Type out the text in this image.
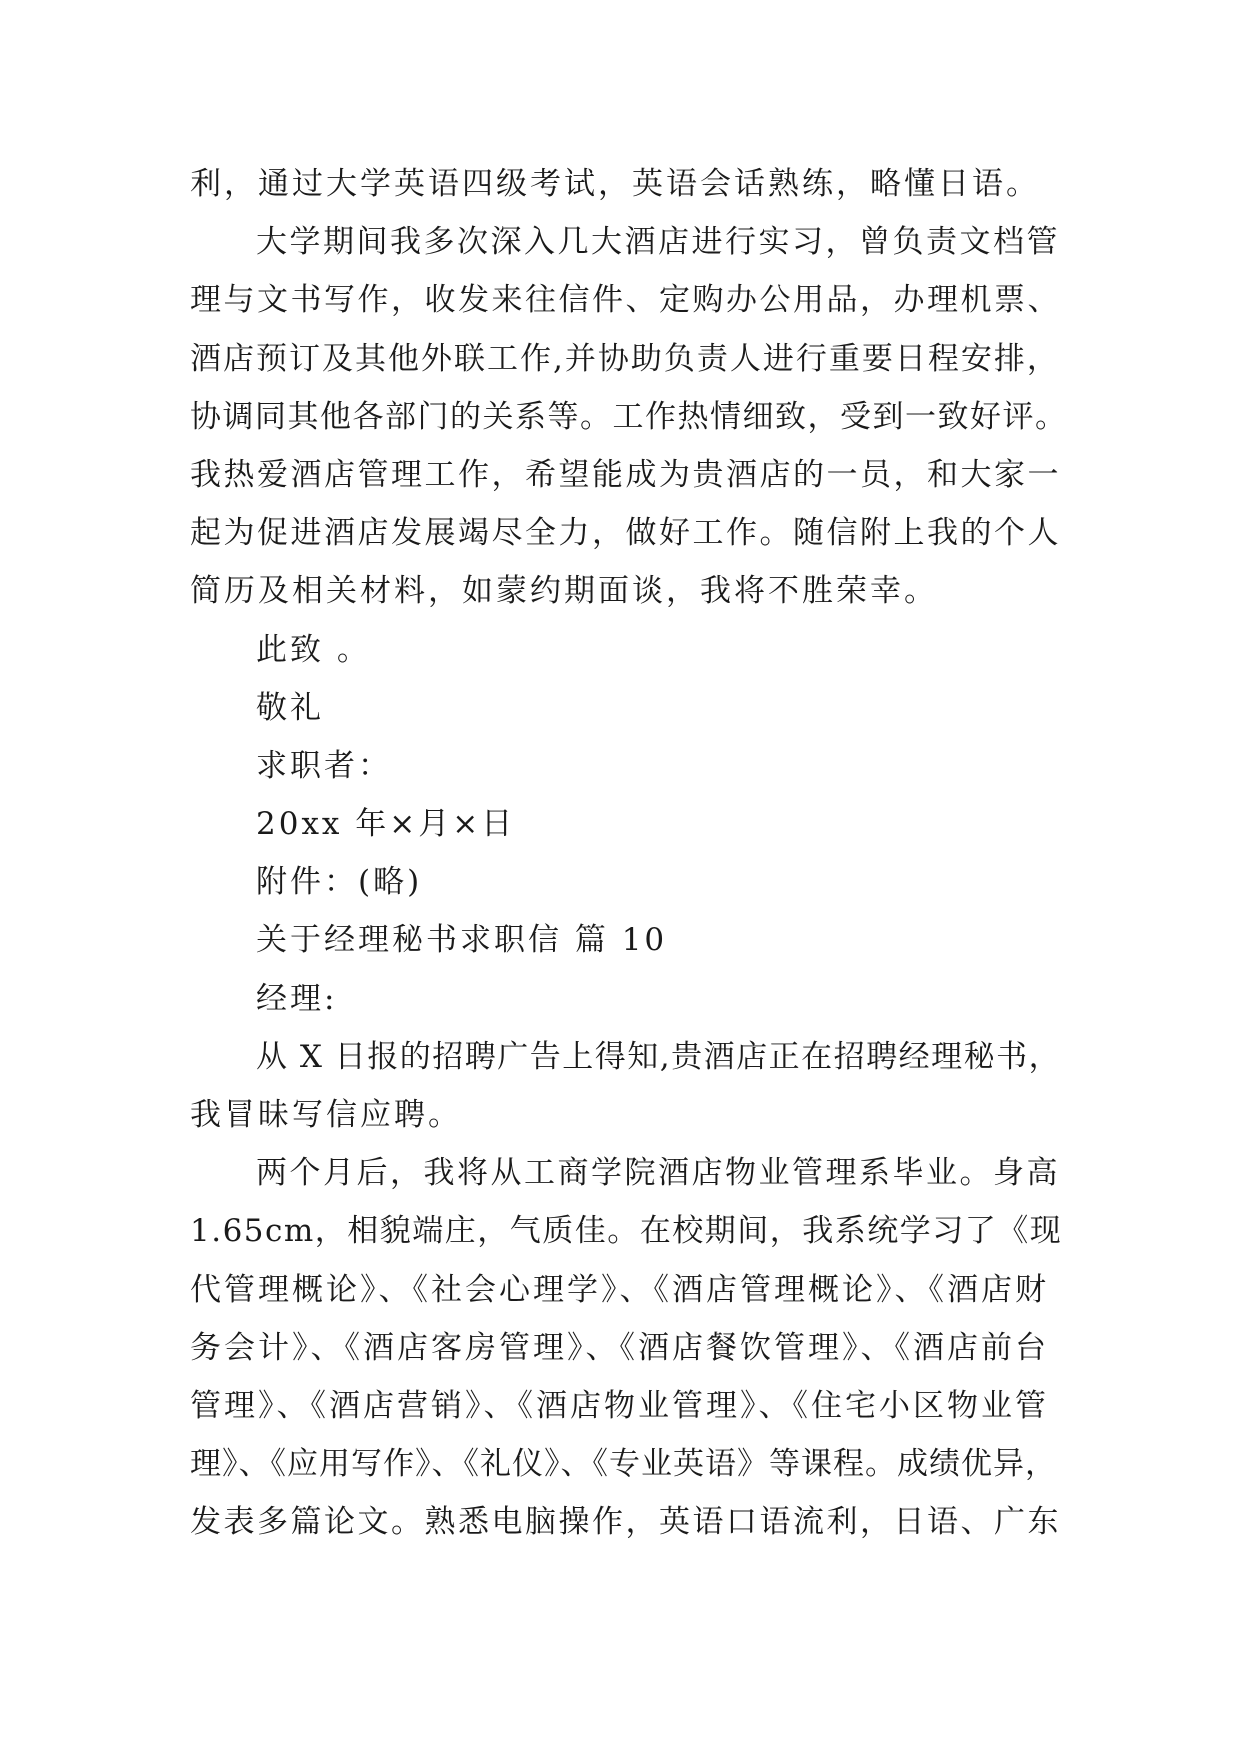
利，通过大学英语四级考试，英语会话熟练，略懂日语。
大学期间我多次深入几大酒店进行实习，曾负责文档管
理与文书写作，收发来往信件、定购办公用品，办理机票、
酒店预订及其他外联工作,并协助负责人进行重要日程安排，
协调同其他各部门的关系等。工作热情细致，受到一致好评。
我热爱酒店管理工作，希望能成为贵酒店的一员，和大家一
起为促进酒店发展竭尽全力，做好工作。随信附上我的个人
简历及相关材料，如蒙约期面谈，我将不胜荣幸。
此致 。
敬礼
求职者：
20xx 年×月×日
附件：(略)
关于经理秘书求职信 篇 10
经理:
从 X 日报的招聘广告上得知,贵酒店正在招聘经理秘书，
我冒昧写信应聘。
两个月后，我将从工商学院酒店物业管理系毕业。身高
1.65cm，相貌端庄，气质佳。在校期间，我系统学习了《现
代管理概论》、《社会心理学》、《酒店管理概论》、《酒店财
务会计》、《酒店客房管理》、《酒店餐饮管理》、《酒店前台
管理》、《酒店营销》、《酒店物业管理》、《住宅小区物业管
理》、《应用写作》、《礼仪》、《专业英语》等课程。成绩优异，
发表多篇论文。熟悉电脑操作，英语口语流利，日语、广东
